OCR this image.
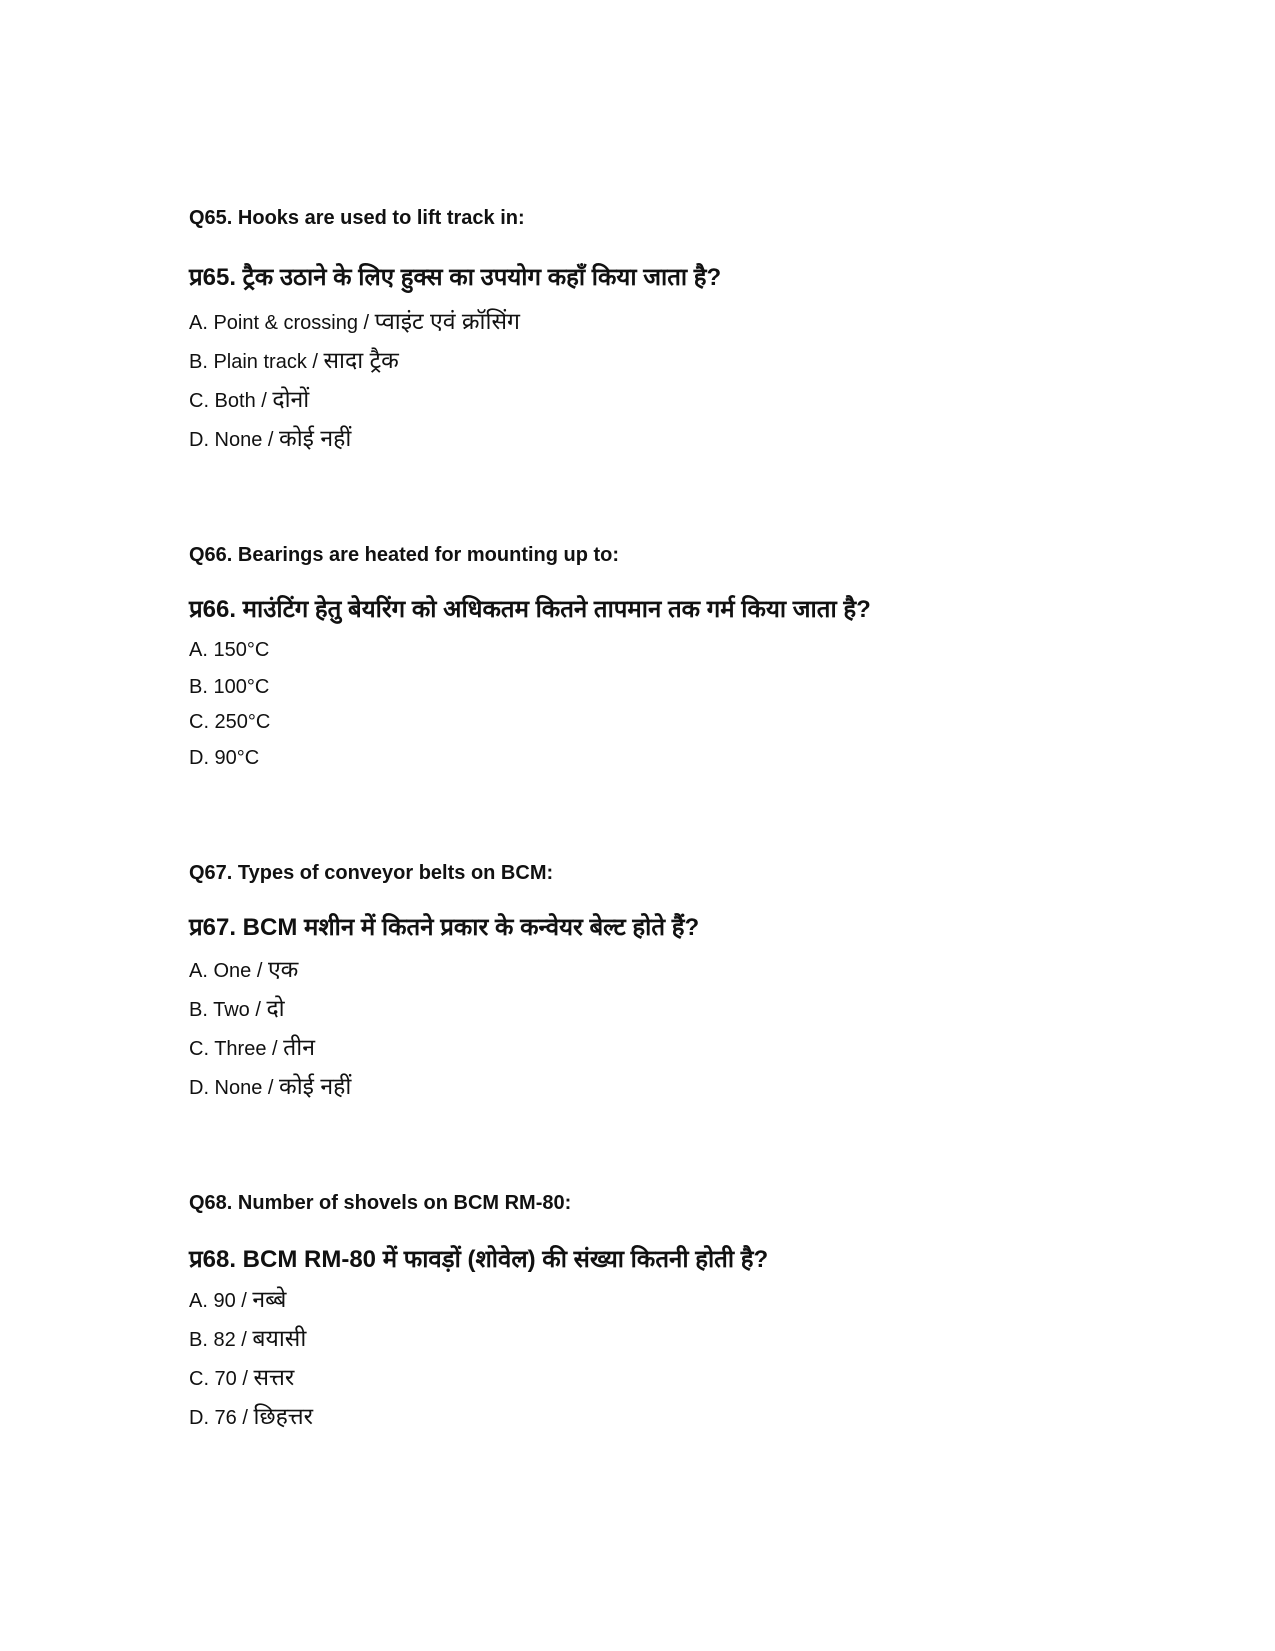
Q65. Hooks are used to lift track in:
प्र65. ट्रैक उठाने के लिए हुक्स का उपयोग कहाँ किया जाता है?
A. Point & crossing / प्वाइंट एवं क्रॉसिंग
B. Plain track / सादा ट्रैक
C. Both / दोनों
D. None / कोई नहीं
Q66. Bearings are heated for mounting up to:
प्र66. माउंटिंग हेतु बेयरिंग को अधिकतम कितने तापमान तक गर्म किया जाता है?
A. 150°C
B. 100°C
C. 250°C
D. 90°C
Q67. Types of conveyor belts on BCM:
प्र67. BCM मशीन में कितने प्रकार के कन्वेयर बेल्ट होते हैं?
A. One / एक
B. Two / दो
C. Three / तीन
D. None / कोई नहीं
Q68. Number of shovels on BCM RM-80:
प्र68. BCM RM-80 में फावड़ों (शोवेल) की संख्या कितनी होती है?
A. 90 / नब्बे
B. 82 / बयासी
C. 70 / सत्तर
D. 76 / छिहत्तर
